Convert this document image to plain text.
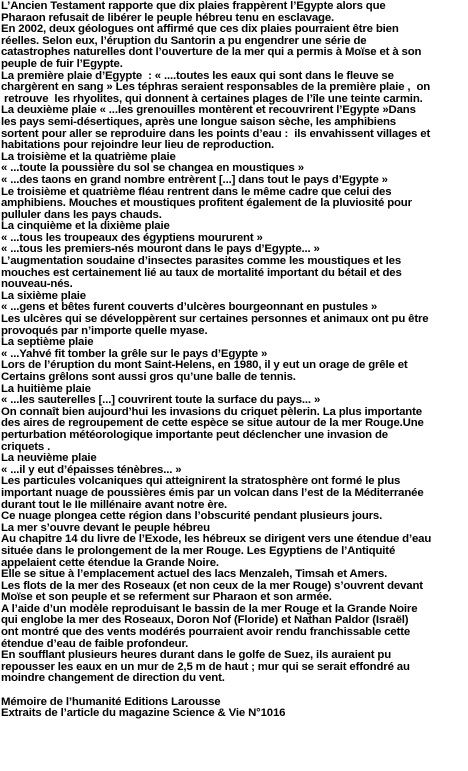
L’Ancien Testament rapporte que dix plaies frappèrent l’Egypte alors que
Pharaon refusait de libérer le peuple hébreu tenu en esclavage.
En 2002, deux géologues ont affirmé que ces dix plaies pourraient être bien
réelles. Selon eux, l’éruption du Santorin a pu engendrer une série de
catastrophes naturelles dont l’ouverture de la mer qui a permis à Moïse et à son
peuple de fuir l’Egypte.
La première plaie d’Egypte  : « ....toutes les eaux qui sont dans le fleuve se
chargèrent en sang » Les téphras seraient responsables de la première plaie ,  on
retrouve  les rhyolites, qui donnent à certaines plages de l’île une teinte carmin.
La deuxième plaie « ...les grenouilles montèrent et recouvrirent l’Egypte »Dans
les pays semi-désertiques, après une longue saison sèche, les amphibiens
sortent pour aller se reproduire dans les points d’eau :  ils envahissent villages et
habitations pour rejoindre leur lieu de reproduction.
La troisième et la quatrième plaie
« ...toute la poussière du sol se changea en moustiques »
« ...des taons en grand nombre entrèrent [...] dans tout le pays d’Egypte »
Le troisième et quatrième fléau rentrent dans le même cadre que celui des
amphibiens. Mouches et moustiques profitent également de la pluviosité pour
pulluler dans les pays chauds.
La cinquième et la dixième plaie
« ...tous les troupeaux des égyptiens moururent »
« ...tous les premiers-nés mouront dans le pays d’Egypte... »
L’augmentation soudaine d’insectes parasites comme les moustiques et les
mouches est certainement lié au taux de mortalité important du bétail et des
nouveau-nés.
La sixième plaie
« ...gens et bêtes furent couverts d’ulcères bourgeonnant en pustules »
Les ulcères qui se développèrent sur certaines personnes et animaux ont pu être
provoqués par n’importe quelle myase.
La septième plaie
« ...Yahvé fit tomber la grêle sur le pays d’Egypte »
Lors de l’éruption du mont Saint-Helens, en 1980, il y eut un orage de grêle et
Certains grêlons sont aussi gros qu’une balle de tennis.
La huitième plaie
« ...les sauterelles [...] couvrirent toute la surface du pays... »
On connaît bien aujourd’hui les invasions du criquet pèlerin. La plus importante
des aires de regroupement de cette espèce se situe autour de la mer Rouge.Une
perturbation météorologique importante peut déclencher une invasion de
criquets .
La neuvième plaie
« ...il y eut d’épaisses ténèbres... »
Les particules volcaniques qui atteignirent la stratosphère ont formé le plus
important nuage de poussières émis par un volcan dans l’est de la Méditerranée
durant tout le IIe millénaire avant notre ère.
Ce nuage plongea cette région dans l’obscurité pendant plusieurs jours.
La mer s’ouvre devant le peuple hébreu
Au chapitre 14 du livre de l’Exode, les hébreux se dirigent vers une étendue d’eau
située dans le prolongement de la mer Rouge. Les Egyptiens de l’Antiquité
appelaient cette étendue la Grande Noire.
Elle se situe à l’emplacement actuel des lacs Menzaleh, Timsah et Amers.
Les flots de la mer des Roseaux (et non ceux de la mer Rouge) s’ouvrent devant
Moïse et son peuple et se referment sur Pharaon et son armée.
A l’aide d’un modèle reproduisant le bassin de la mer Rouge et la Grande Noire
qui englobe la mer des Roseaux, Doron Nof (Floride) et Nathan Paldor (Israël)
ont montré que des vents modérés pourraient avoir rendu franchissable cette
étendue d’eau de faible profondeur.
En soufflant plusieurs heures durant dans le golfe de Suez, ils auraient pu
repousser les eaux en un mur de 2,5 m de haut ; mur qui se serait effondré au
moindre changement de direction du vent.
Mémoire de l’humanité Editions Larousse
Extraits de l’article du magazine Science & Vie N°1016
